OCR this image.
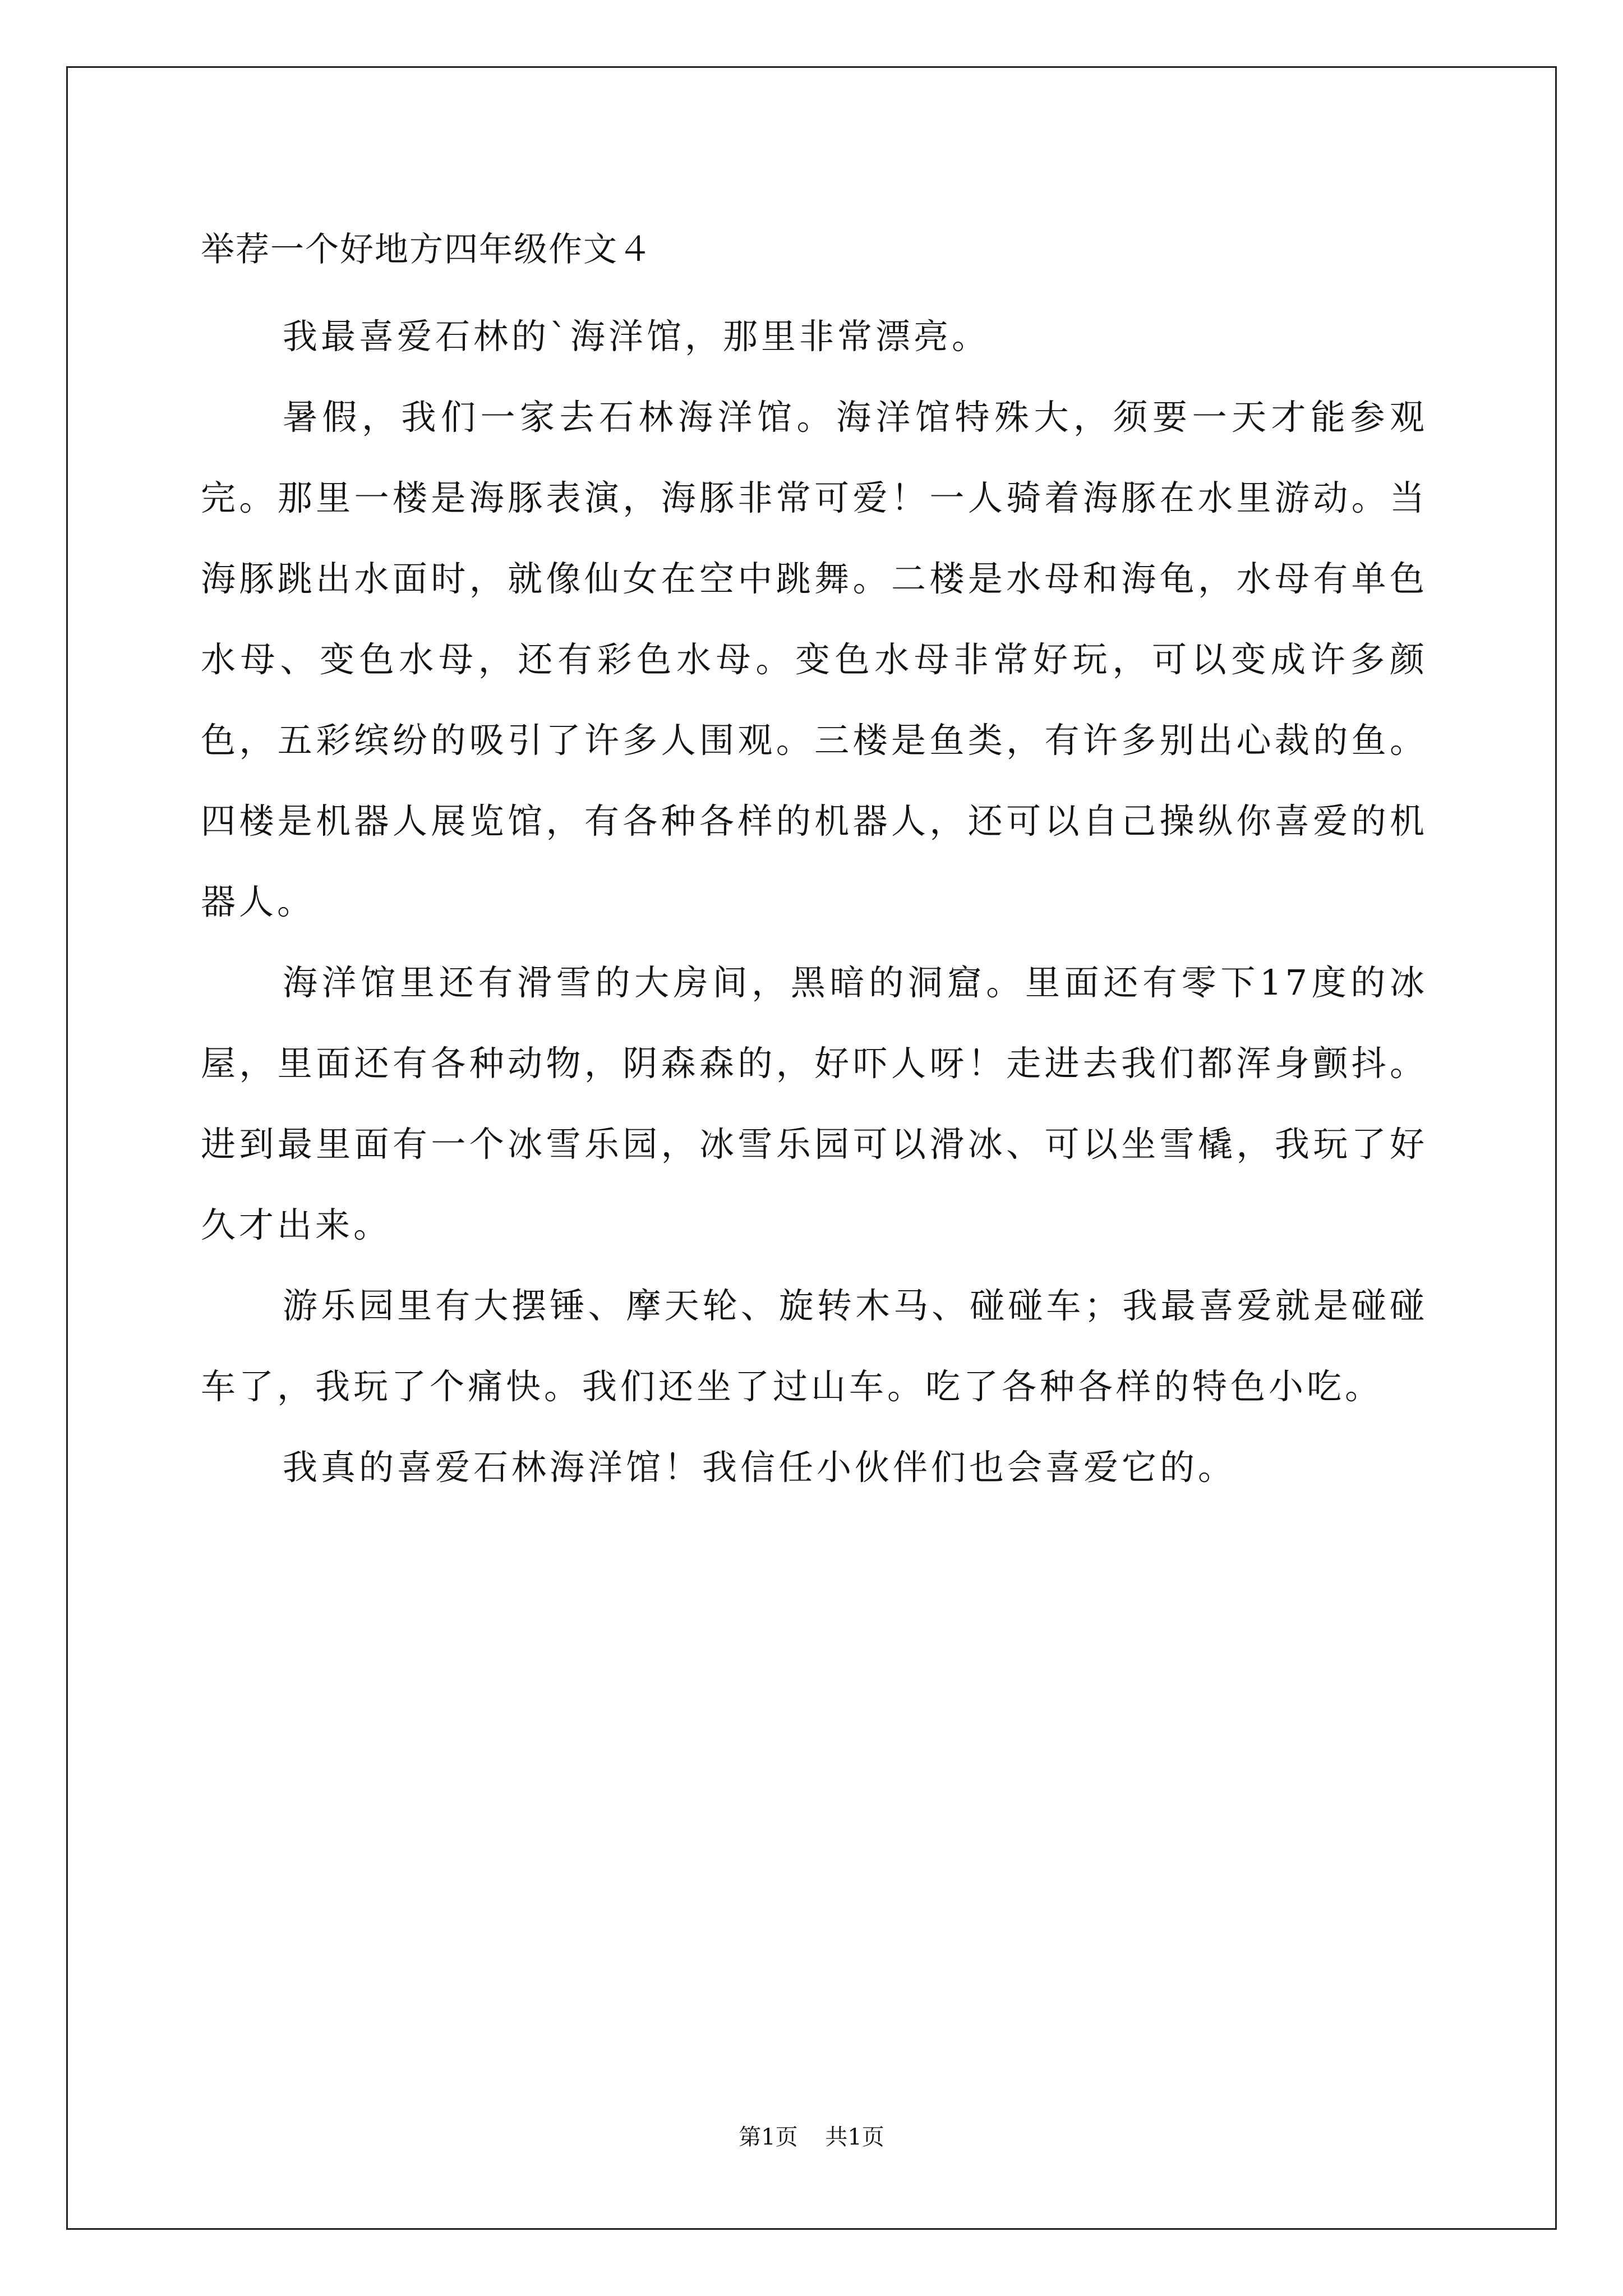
举荐一个好地方四年级作文４

我最喜爱石林的`海洋馆，那里非常漂亮。

暑假，我们一家去石林海洋馆。海洋馆特殊大，须要一天才能参观完。那里一楼是海豚表演，海豚非常可爱！一人骑着海豚在水里游动。当海豚跳出水面时，就像仙女在空中跳舞。二楼是水母和海龟，水母有单色水母、变色水母，还有彩色水母。变色水母非常好玩，可以变成许多颜色，五彩缤纷的吸引了许多人围观。三楼是鱼类，有许多别出心裁的鱼。四楼是机器人展览馆，有各种各样的机器人，还可以自己操纵你喜爱的机器人。

海洋馆里还有滑雪的大房间，黑暗的洞窟。里面还有零下17度的冰屋，里面还有各种动物，阴森森的，好吓人呀！走进去我们都浑身颤抖。进到最里面有一个冰雪乐园，冰雪乐园可以滑冰、可以坐雪橇，我玩了好久才出来。

游乐园里有大摆锤、摩天轮、旋转木马、碰碰车；我最喜爱就是碰碰车了，我玩了个痛快。我们还坐了过山车。吃了各种各样的特色小吃。

我真的喜爱石林海洋馆！我信任小伙伴们也会喜爱它的。

第1页 共1页
